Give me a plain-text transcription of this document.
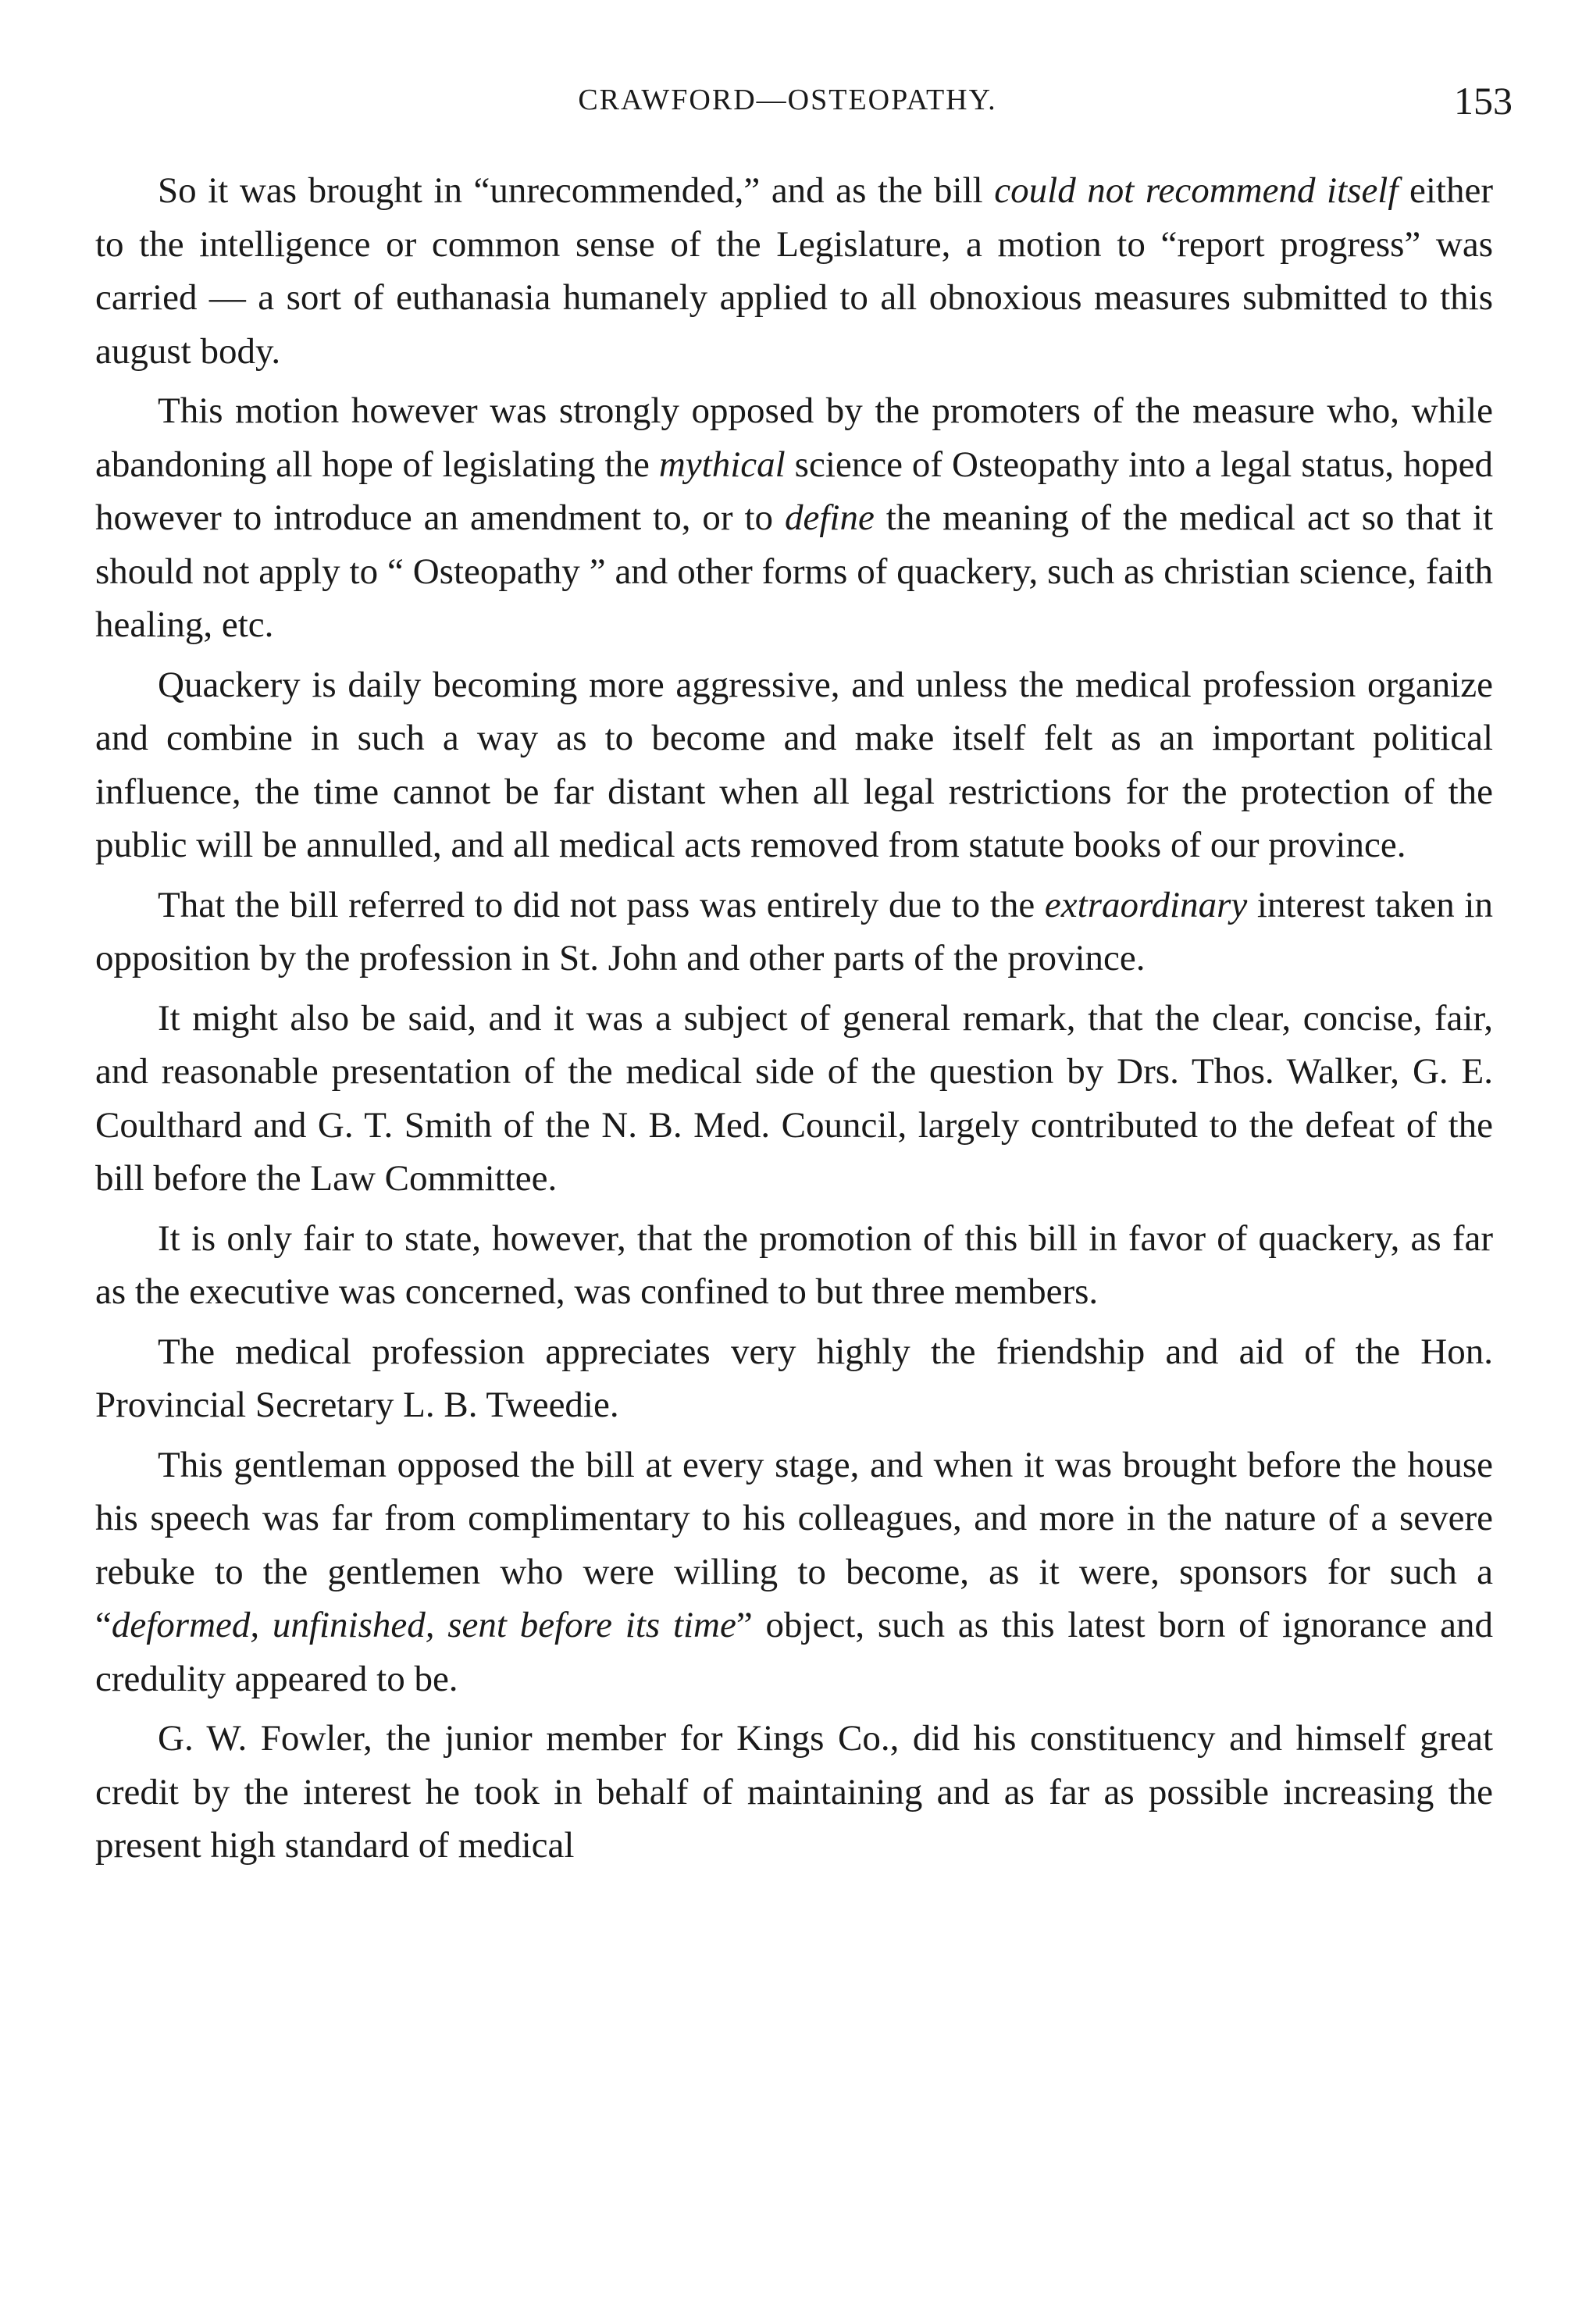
CRAWFORD—OSTEOPATHY.	153

So it was brought in “unrecommended,” and as the bill could not recommend itself either to the intelligence or common sense of the Legislature, a motion to “report progress” was carried — a sort of euthanasia humanely applied to all obnoxious measures submitted to this august body.

This motion however was strongly opposed by the promoters of the measure who, while abandoning all hope of legislating the mythical science of Osteopathy into a legal status, hoped however to introduce an amendment to, or to define the meaning of the medical act so that it should not apply to “ Osteopathy ” and other forms of quackery, such as christian science, faith healing, etc.

Quackery is daily becoming more aggressive, and unless the medical profession organize and combine in such a way as to become and make itself felt as an important political influence, the time cannot be far distant when all legal restrictions for the protection of the public will be annulled, and all medical acts removed from statute books of our province.

That the bill referred to did not pass was entirely due to the extraordinary interest taken in opposition by the profession in St. John and other parts of the province.

It might also be said, and it was a subject of general remark, that the clear, concise, fair, and reasonable presentation of the medical side of the question by Drs. Thos. Walker, G. E. Coulthard and G. T. Smith of the N. B. Med. Council, largely contributed to the defeat of the bill before the Law Committee.

It is only fair to state, however, that the promotion of this bill in favor of quackery, as far as the executive was concerned, was confined to but three members.

The medical profession appreciates very highly the friendship and aid of the Hon. Provincial Secretary L. B. Tweedie.

This gentleman opposed the bill at every stage, and when it was brought before the house his speech was far from complimentary to his colleagues, and more in the nature of a severe rebuke to the gentlemen who were willing to become, as it were, sponsors for such a “deformed, unfinished, sent before its time” object, such as this latest born of ignorance and credulity appeared to be.

G. W. Fowler, the junior member for Kings Co., did his constituency and himself great credit by the interest he took in behalf of maintaining and as far as possible increasing the present high standard of medical
